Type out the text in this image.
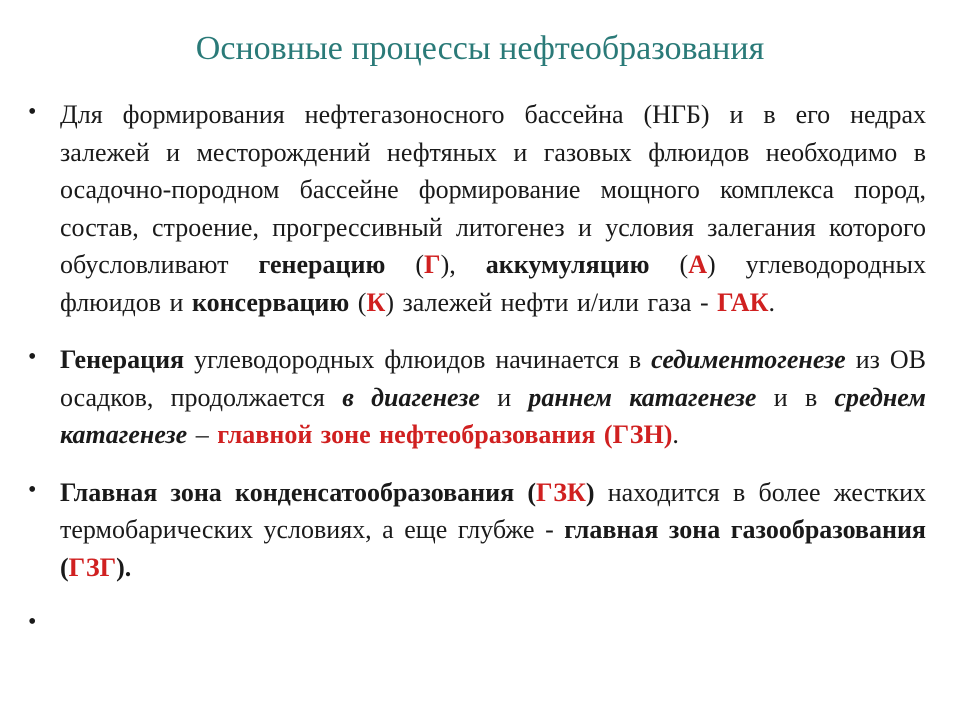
Основные процессы нефтеобразования
• Для формирования нефтегазоносного бассейна (НГБ) и в его недрах залежей и месторождений нефтяных и газовых флюидов необходимо в осадочно-породном бассейне формирование мощного комплекса пород, состав, строение, прогрессивный литогенез и условия залегания которого обусловливают генерацию (Г), аккумуляцию (А) углеводородных флюидов и консервацию (К) залежей нефти и/или газа - ГАК.
• Генерация углеводородных флюидов начинается в седиментогенезе из ОВ осадков, продолжается в диагенезе и раннем катагенезе и в среднем катагенезе – главной зоне нефтеобразования (ГЗН).
• Главная зона конденсатообразования (ГЗК) находится в более жестких термобарических условиях, а еще глубже - главная зона газообразования (ГЗГ).
•
